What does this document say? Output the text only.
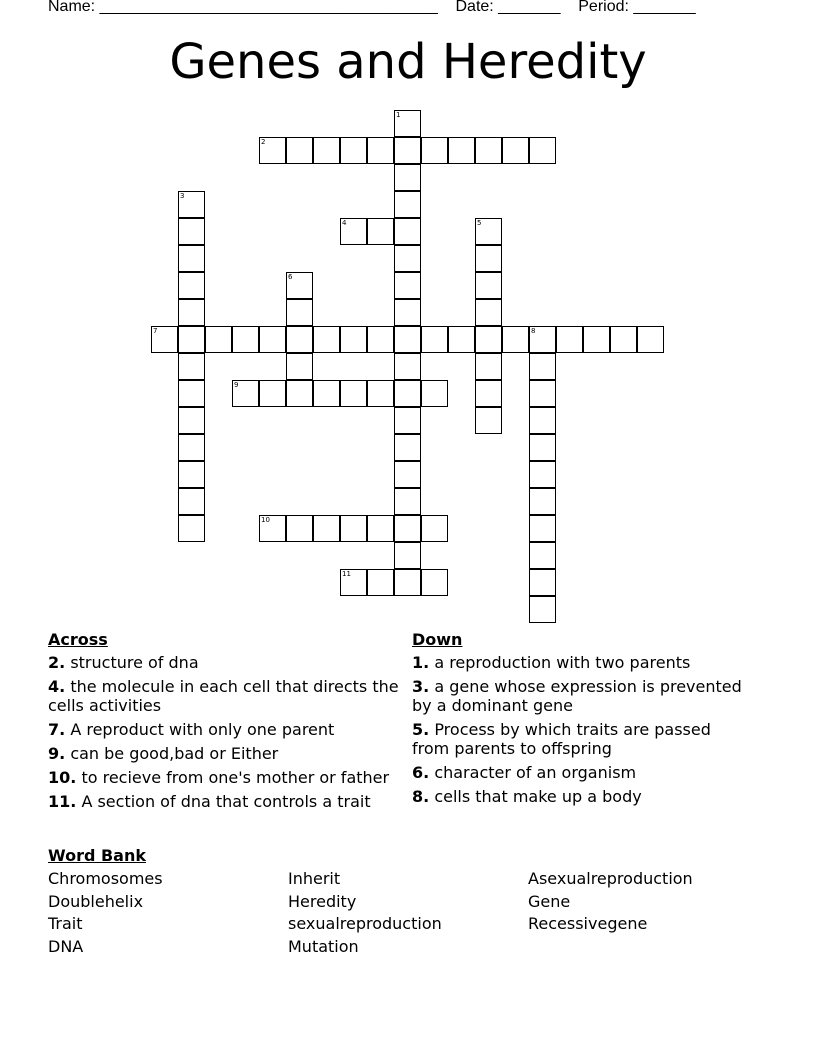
Name: ______________________________________    Date: _______    Period: _______
Genes and Heredity
1
2
3
4	5
6
7	8
9
10
11
Across
2. structure of dna
4. the molecule in each cell that directs the cells activities
7. A reproduct with only one parent
9. can be good,bad or Either
10. to recieve from one's mother or father
11. A section of dna that controls a trait
Down
1. a reproduction with two parents
3. a gene whose expression is prevented by a dominant gene
5. Process by which traits are passed from parents to offspring
6. character of an organism
8. cells that make up a body
Word Bank
Chromosomes
Doublehelix
Trait
DNA
Inherit
Heredity
sexualreproduction
Mutation
Asexualreproduction
Gene
Recessivegene
